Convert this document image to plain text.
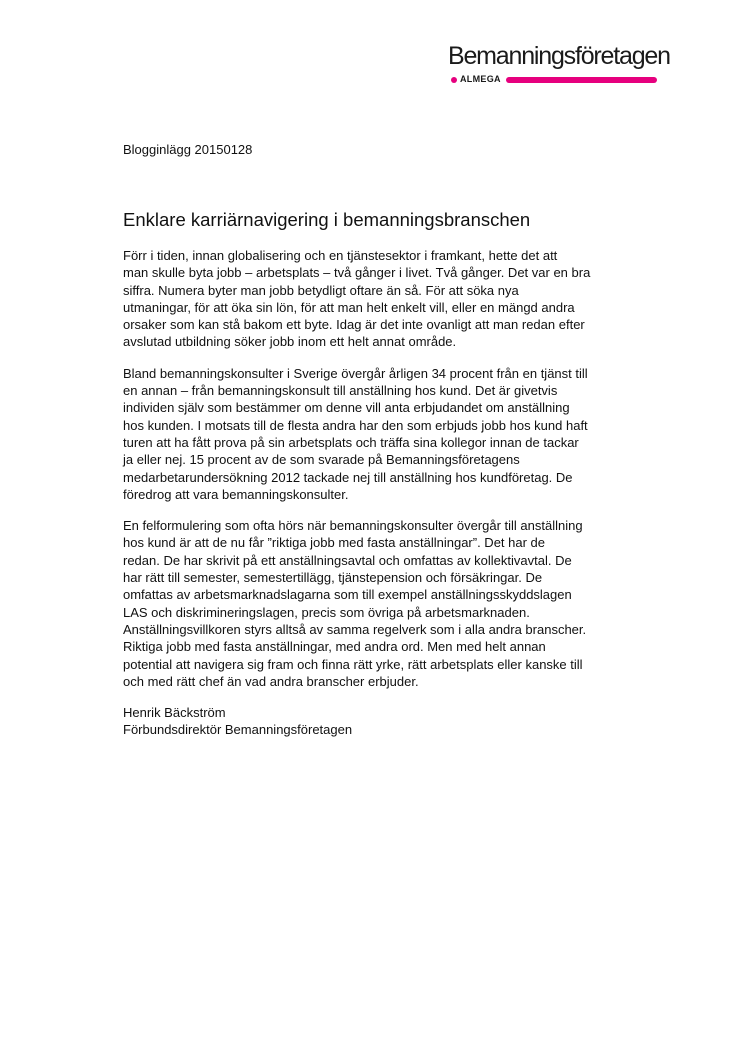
Bemanningsföretagen
ALMEGA
Blogginlägg 20150128
Enklare karriärnavigering i bemanningsbranschen

Förr i tiden, innan globalisering och en tjänstesektor i framkant, hette det att
man skulle byta jobb – arbetsplats – två gånger i livet. Två gånger. Det var en bra
siffra. Numera byter man jobb betydligt oftare än så. För att söka nya
utmaningar, för att öka sin lön, för att man helt enkelt vill, eller en mängd andra
orsaker som kan stå bakom ett byte. Idag är det inte ovanligt att man redan efter
avslutad utbildning söker jobb inom ett helt annat område.

Bland bemanningskonsulter i Sverige övergår årligen 34 procent från en tjänst till
en annan – från bemanningskonsult till anställning hos kund. Det är givetvis
individen själv som bestämmer om denne vill anta erbjudandet om anställning
hos kunden. I motsats till de flesta andra har den som erbjuds jobb hos kund haft
turen att ha fått prova på sin arbetsplats och träffa sina kollegor innan de tackar
ja eller nej. 15 procent av de som svarade på Bemanningsföretagens
medarbetarundersökning 2012 tackade nej till anställning hos kundföretag. De
föredrog att vara bemanningskonsulter.

En felformulering som ofta hörs när bemanningskonsulter övergår till anställning
hos kund är att de nu får ”riktiga jobb med fasta anställningar”. Det har de
redan. De har skrivit på ett anställningsavtal och omfattas av kollektivavtal. De
har rätt till semester, semestertillägg, tjänstepension och försäkringar. De
omfattas av arbetsmarknadslagarna som till exempel anställningsskyddslagen
LAS och diskrimineringslagen, precis som övriga på arbetsmarknaden.
Anställningsvillkoren styrs alltså av samma regelverk som i alla andra branscher.
Riktiga jobb med fasta anställningar, med andra ord. Men med helt annan
potential att navigera sig fram och finna rätt yrke, rätt arbetsplats eller kanske till
och med rätt chef än vad andra branscher erbjuder.

Henrik Bäckström
Förbundsdirektör Bemanningsföretagen
